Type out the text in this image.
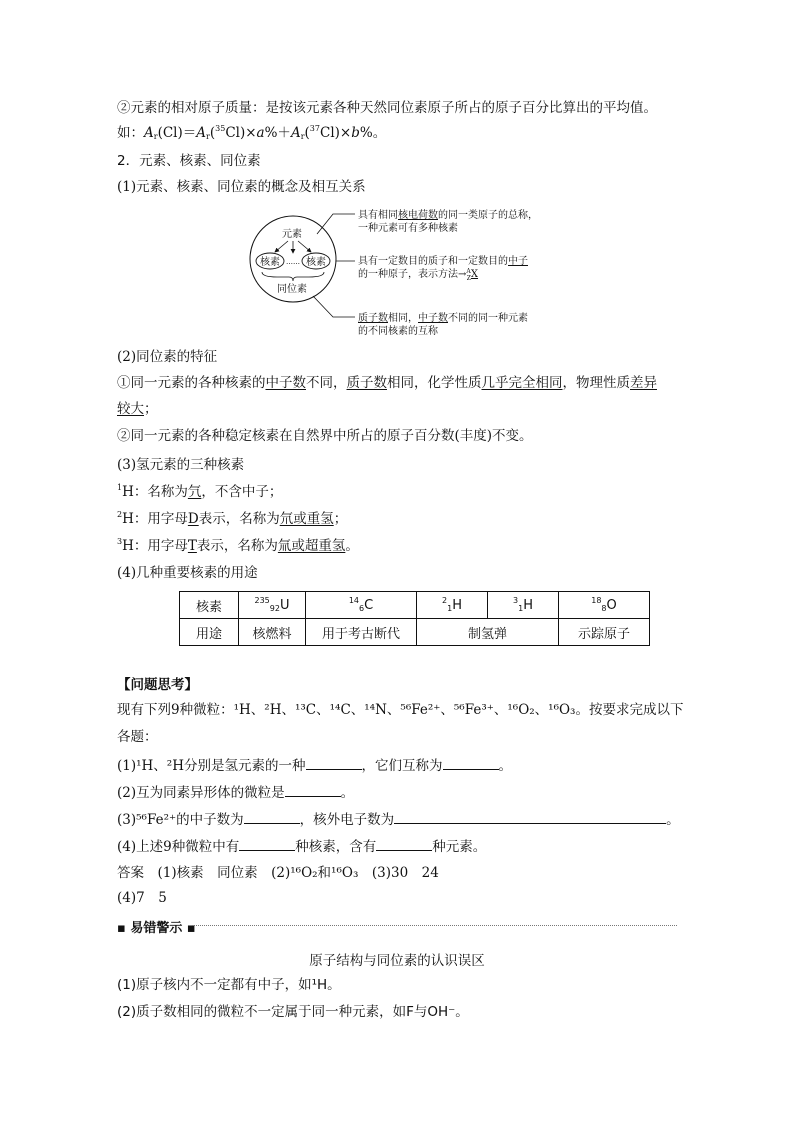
②元素的相对原子质量：是按该元素各种天然同位素原子所占的原子百分比算出的平均值。
如：$A_r(Cl)=A_r(^{35}Cl)\times a\%+A_r(^{37}Cl)\times b\%$。
2．元素、核素、同位素
(1)元素、核素、同位素的概念及相互关系
元素
核素	核素
……
同位素
具有相同核电荷数的同一类原子的总称，
一种元素可有多种核素
具有一定数目的质子和一定数目的中子
的一种原子，表示方法→$^A$ ZX
质子数相同，中子数不同的同一种元素
的不同核素的互称
(2)同位素的特征
①同一元素的各种核素的中子数不同，质子数相同，化学性质几乎完全相同，物理性质差异
较大；
②同一元素的各种稳定核素在自然界中所占的原子百分数(丰度)不变。
(3)氢元素的三种核素
$^1$H：名称为氕，不含中子；
$^2$H：用字母D表示，名称为氘或重氢；
$^3$H：用字母T表示，名称为氚或超重氢。
(4)几种重要核素的用途
核素	$^{235}_{92}$U	$^{14}_6$C	$^2_1$H	$^3_1$H	$^{18}_8$O
用途	核燃料	用于考古断代	制氢弹		示踪原子
【问题思考】
现有下列9种微粒：¹H、²H、¹³C、¹⁴C、¹⁴N、⁵⁶Fe²⁺、⁵⁶Fe³⁺、¹⁶O₂、¹⁶O₃。按要求完成以下
各题：
(1)¹H、²H分别是氢元素的一种	，它们互称为	。
(2)互为同素异形体的微粒是	。
(3)⁵⁶Fe²⁺的中子数为	，核外电子数为	。
(4)上述9种微粒中有	种核素，含有	种元素。
答案　(1)核素　同位素　(2)¹⁶O₂和¹⁶O₃　(3)30　24
(4)7　5
▪ 易错警示 ▪
原子结构与同位素的认识误区
(1)原子核内不一定都有中子，如¹H。
(2)质子数相同的微粒不一定属于同一种元素，如F与OH⁻。
